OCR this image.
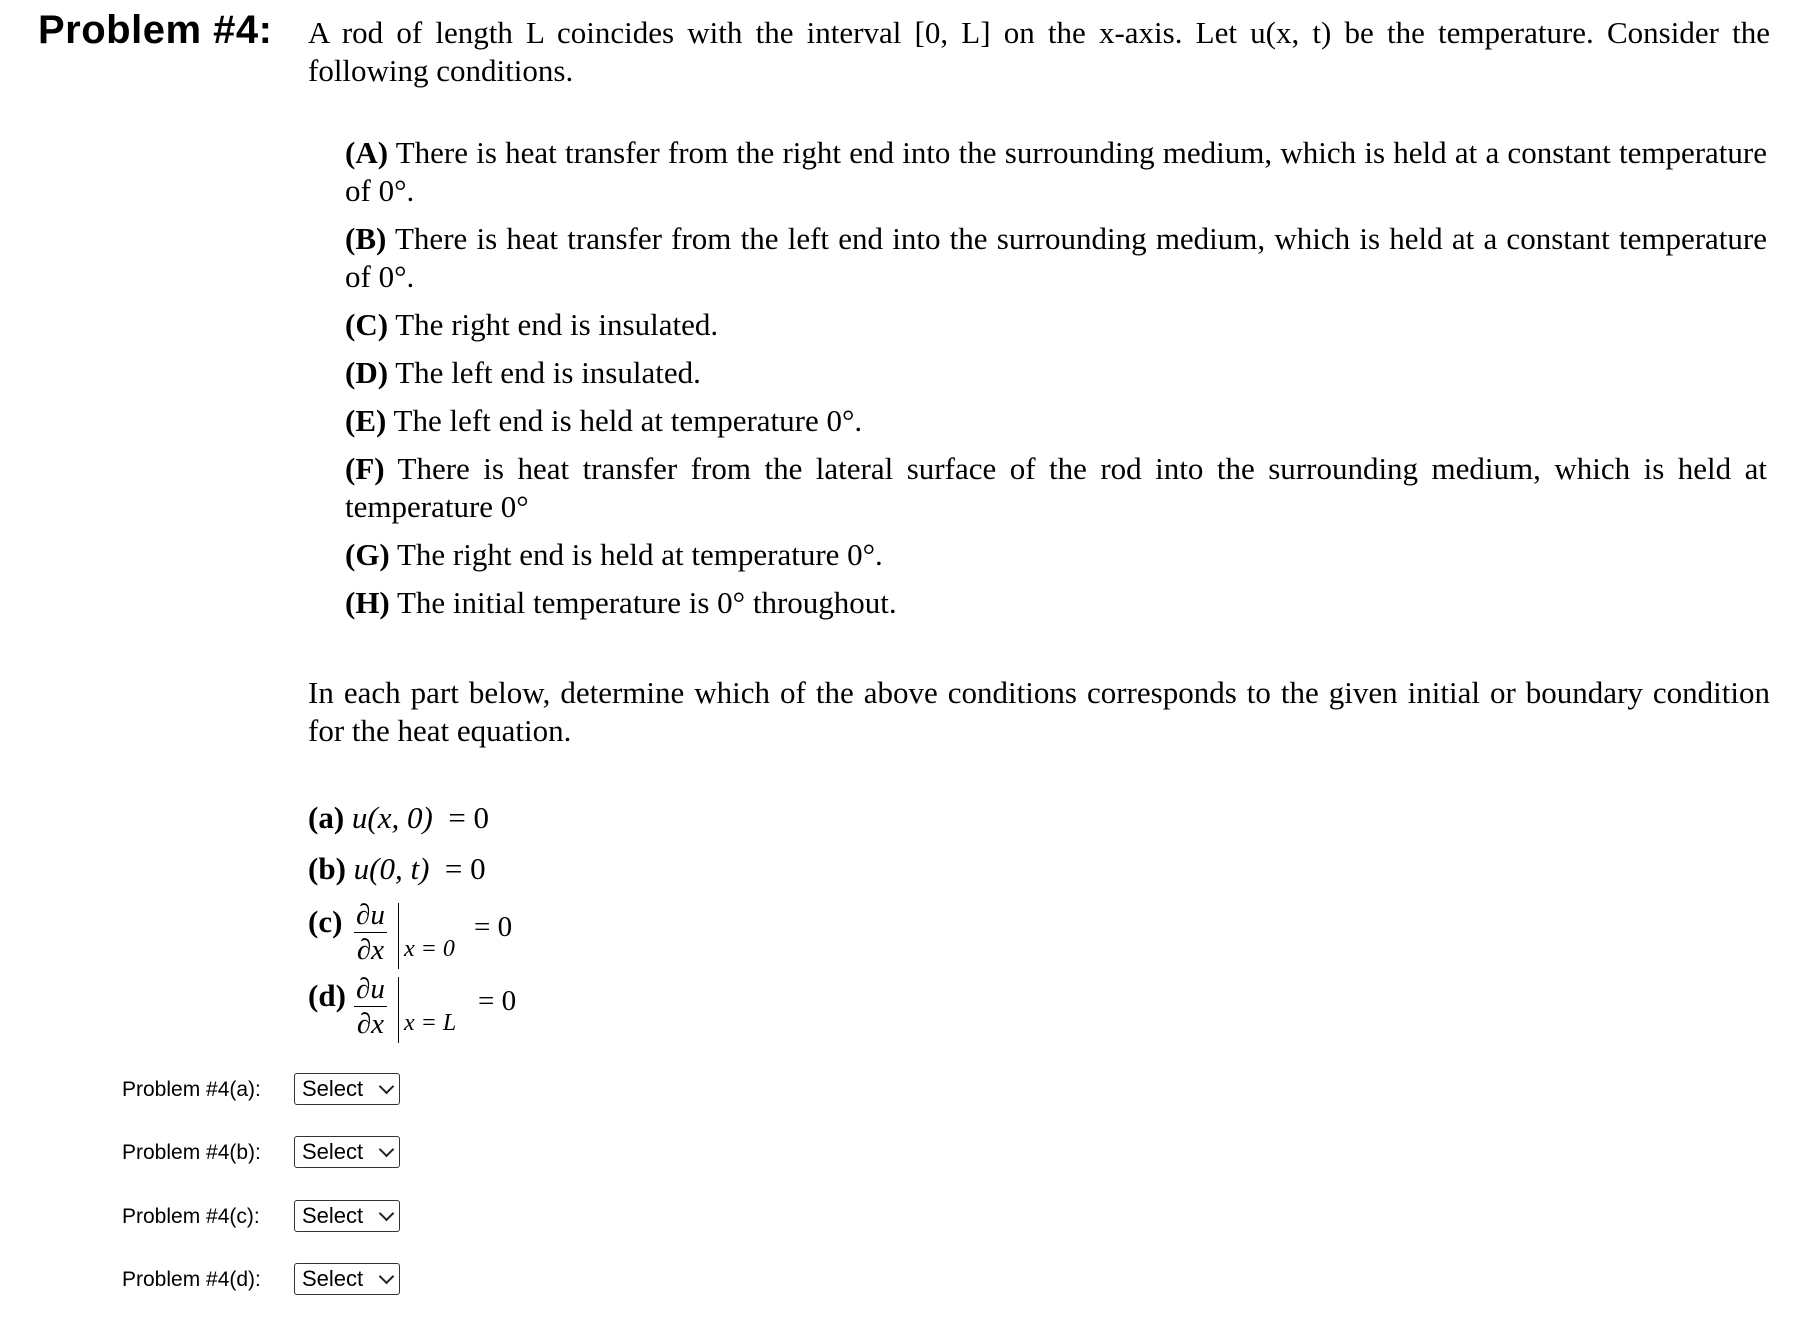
Problem #4: A rod of length L coincides with the interval [0, L] on the x-axis. Let u(x, t) be the temperature. Consider the following conditions.
(A) There is heat transfer from the right end into the surrounding medium, which is held at a constant temperature of 0°.
(B) There is heat transfer from the left end into the surrounding medium, which is held at a constant temperature of 0°.
(C) The right end is insulated.
(D) The left end is insulated.
(E) The left end is held at temperature 0°.
(F) There is heat transfer from the lateral surface of the rod into the surrounding medium, which is held at temperature 0°
(G) The right end is held at temperature 0°.
(H) The initial temperature is 0° throughout.
In each part below, determine which of the above conditions corresponds to the given initial or boundary condition for the heat equation.
(a) u(x, 0) = 0
(b) u(0, t) = 0
$(c) \frac{\partial u}{\partial x}$ x = 0
= 0
$(d) \frac{\partial u}{\partial x}$ x = L
= 0
Problem #4(a):	Select
Problem #4(b):	Select
Problem #4(c):	Select
Problem #4(d):	Select
